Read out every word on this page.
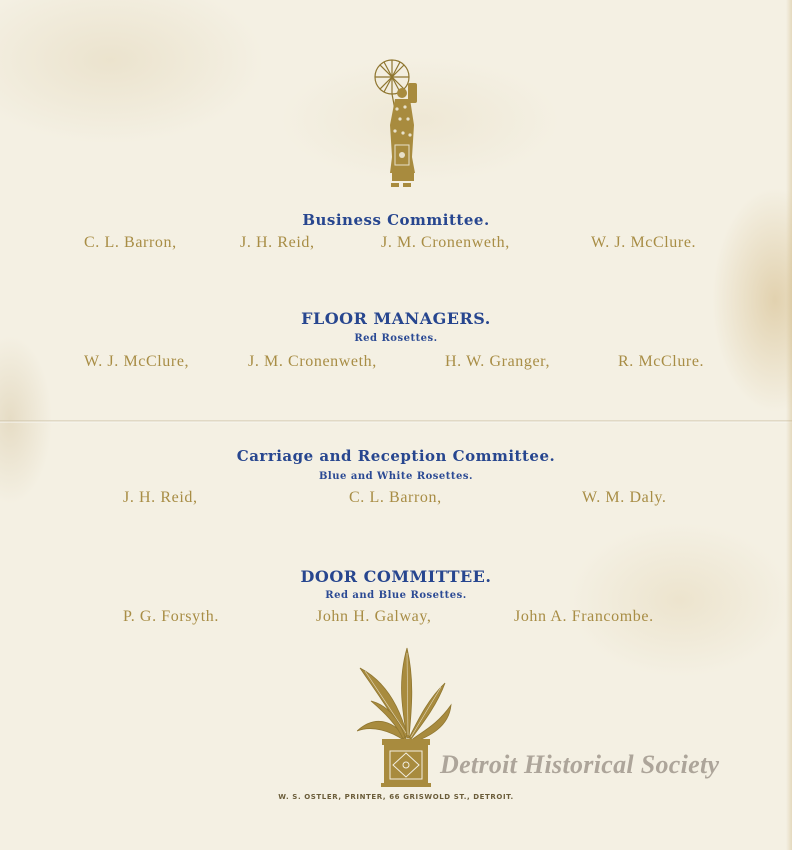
Business Committee.
C. L. Barron,	J. H. Reid,	J. M. Cronenweth,	W. J. McClure.
FLOOR MANAGERS.
Red Rosettes.
W. J. McClure,	J. M. Cronenweth,	H. W. Granger,	R. McClure.
Carriage and Reception Committee.
Blue and White Rosettes.
J. H. Reid,	C. L. Barron,	W. M. Daly.
DOOR COMMITTEE.
Red and Blue Rosettes.
P. G. Forsyth.	John H. Galway,	John A. Francombe.
W. S. OSTLER, PRINTER, 66 GRISWOLD ST., DETROIT.
Detroit Historical Society
